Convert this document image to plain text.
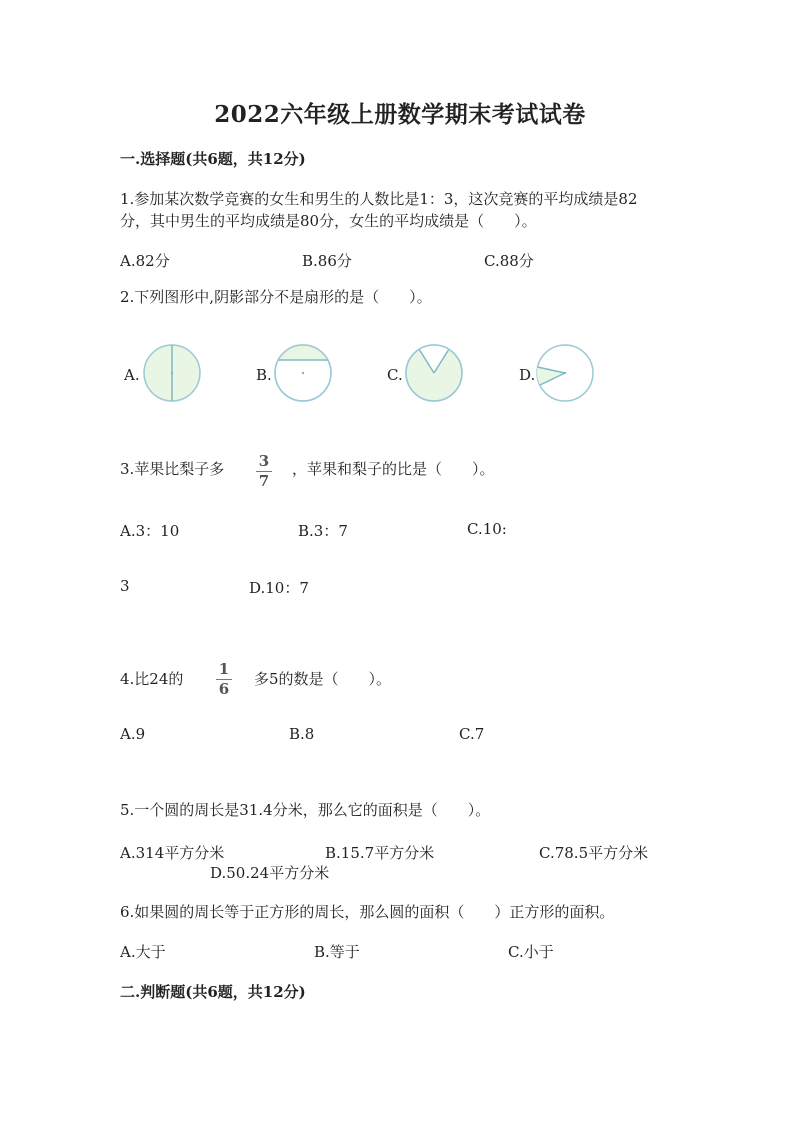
2022六年级上册数学期末考试试卷
一.选择题(共6题，共12分)
1.参加某次数学竞赛的女生和男生的人数比是1：3，这次竞赛的平均成绩是82
分，其中男生的平均成绩是80分，女生的平均成绩是（　　）。
A.82分	B.86分	C.88分
2.下列图形中,阴影部分不是扇形的是（　　）。
A.	B.	C.	D.
3.苹果比梨子多	3
7
，苹果和梨子的比是（　　）。
A.3：10	B.3：7	C.10:
3	D.10：7
4.比24的
1
6
多5的数是（　　）。
A.9	B.8	C.7
5.一个圆的周长是31.4分米，那么它的面积是（　　）。
A.314平方分米	B.15.7平方分米	C.78.5平方分米
D.50.24平方分米
6.如果圆的周长等于正方形的周长，那么圆的面积（　　）正方形的面积。
A.大于	B.等于	C.小于
二.判断题(共6题，共12分)
